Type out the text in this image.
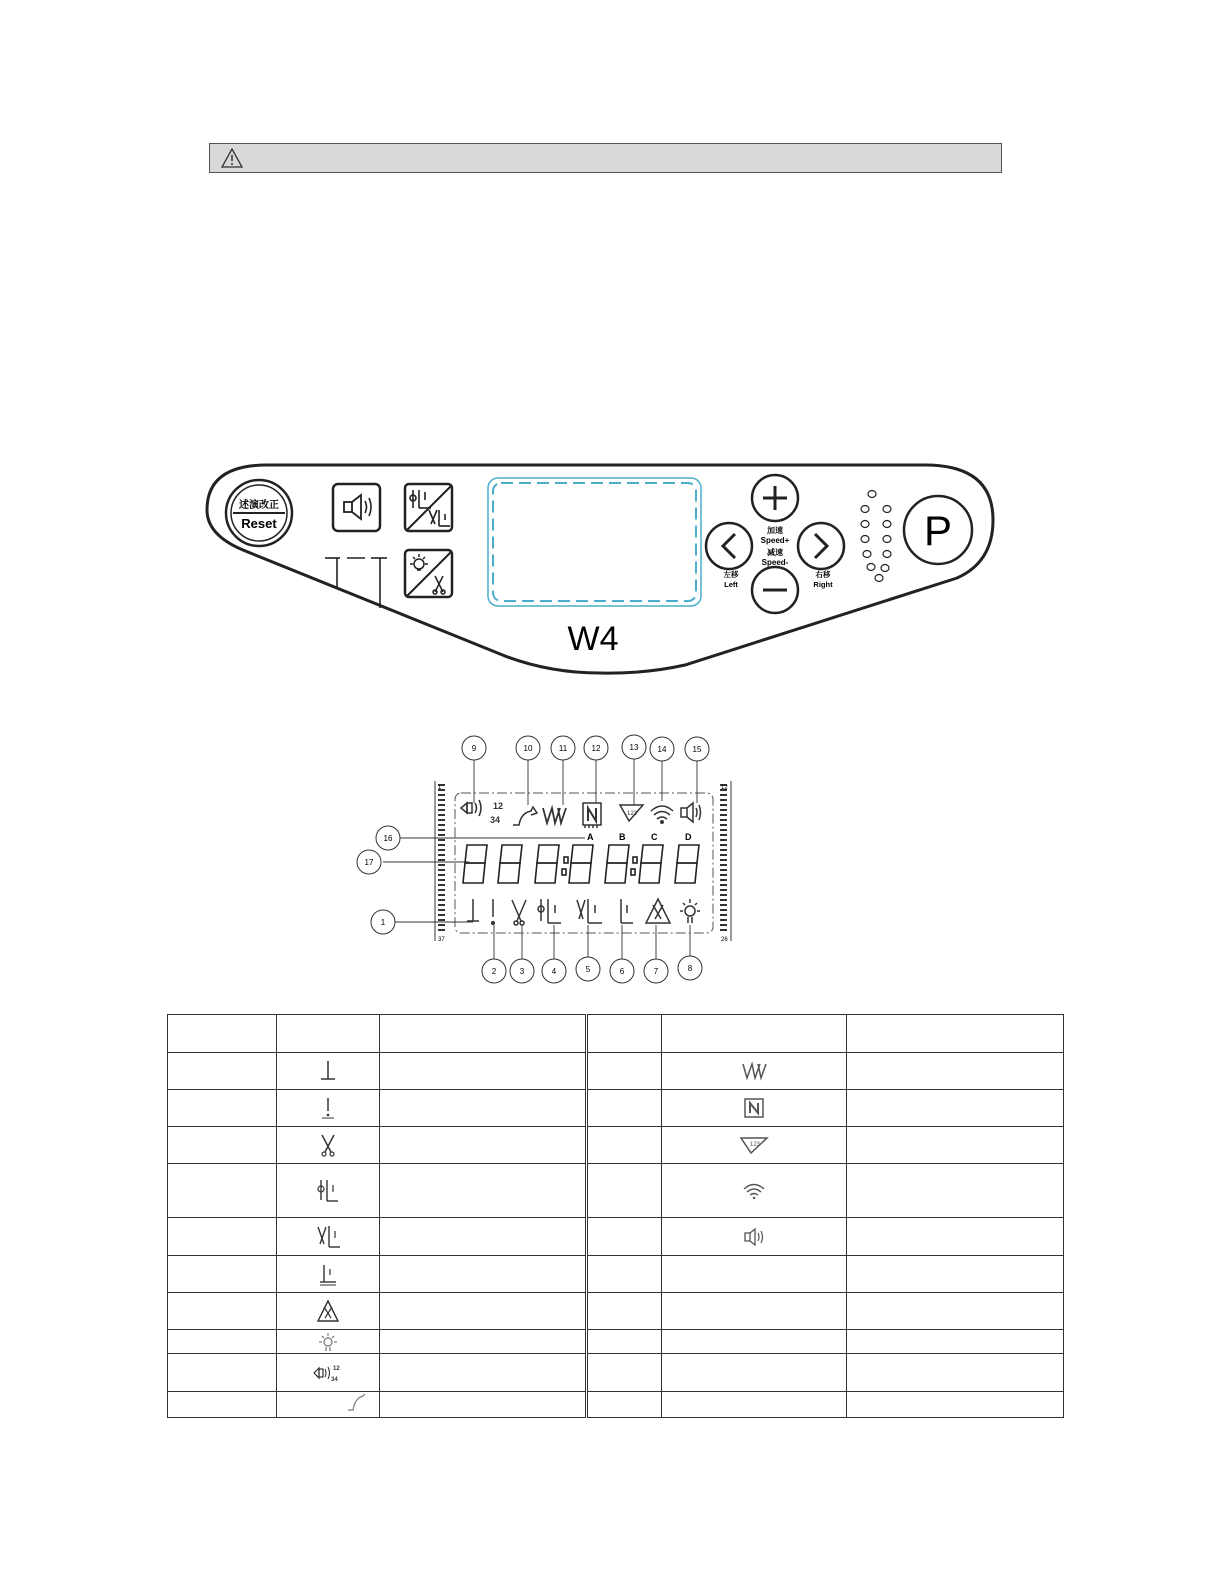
述演改正
Reset	加速
Speed+
减速
Speed-
左移
Left
右移
Right
P
W4
1
37
12
26
12
34
123
A	B	C	D
9	10	11	12	13 14	15
16
17
1
2	3	4	5	6	7	8

123	

12
34				
